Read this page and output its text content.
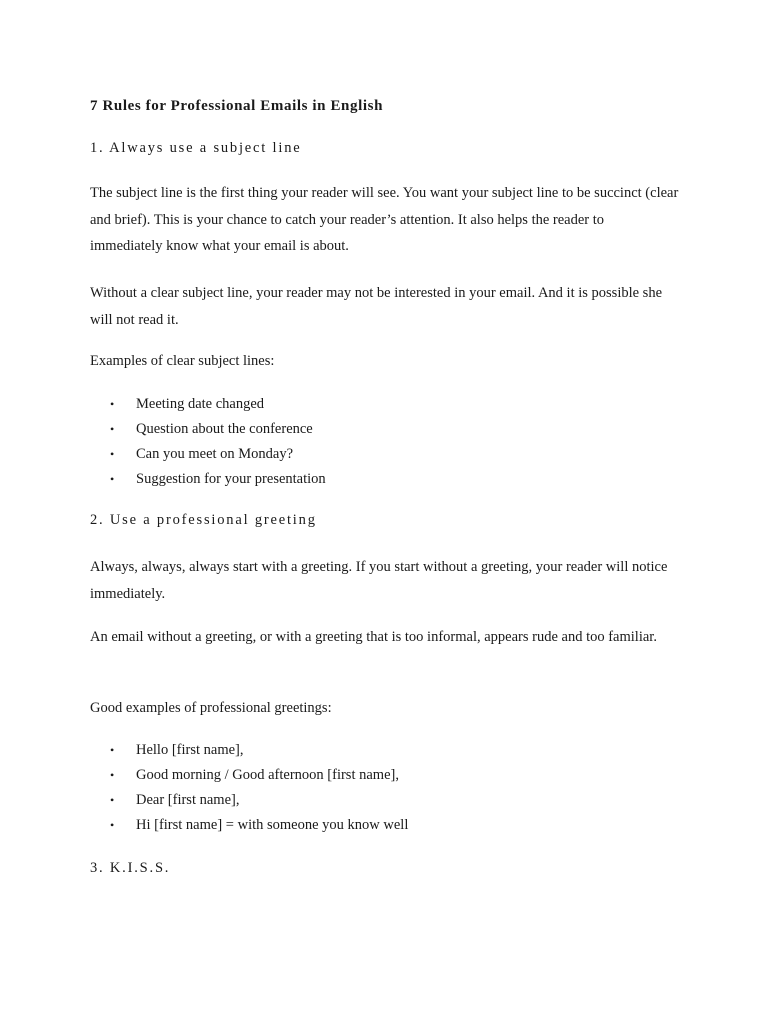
7 Rules for Professional Emails in English

1. Always use a subject line

The subject line is the first thing your reader will see. You want your subject line to be succinct (clear and brief). This is your chance to catch your reader’s attention. It also helps the reader to immediately know what your email is about.

Without a clear subject line, your reader may not be interested in your email. And it is possible she will not read it.

Examples of clear subject lines:

• Meeting date changed
• Question about the conference
• Can you meet on Monday?
• Suggestion for your presentation

2. Use a professional greeting

Always, always, always start with a greeting. If you start without a greeting, your reader will notice immediately.

An email without a greeting, or with a greeting that is too informal, appears rude and too familiar.

Good examples of professional greetings:

• Hello [first name],
• Good morning / Good afternoon [first name],
• Dear [first name],
• Hi [first name] = with someone you know well

3. K.I.S.S.
